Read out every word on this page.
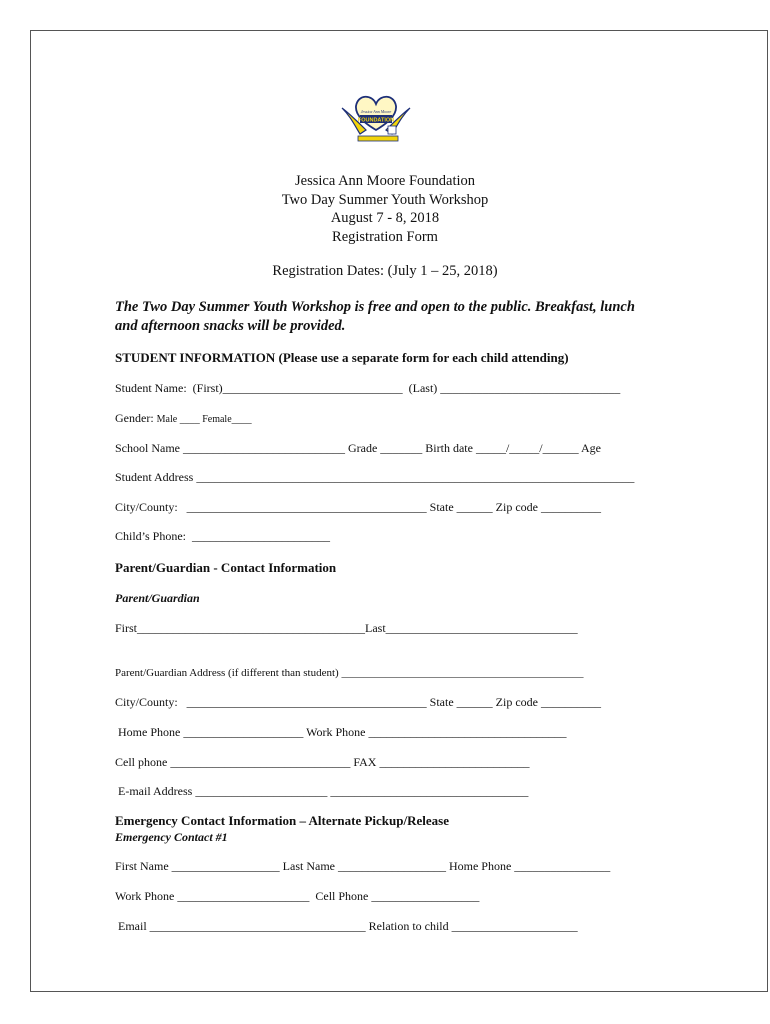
FOUNDATION
Jessica Ann Moore
Jessica Ann Moore Foundation
Two Day Summer Youth Workshop
August 7 - 8, 2018
Registration Form
Registration Dates: (July 1 – 25, 2018)
The Two Day Summer Youth Workshop is free and open to the public. Breakfast, lunch
and afternoon snacks will be provided.
STUDENT INFORMATION (Please use a separate form for each child attending)
Student Name:  (First)______________________________  (Last) ______________________________
Gender: Male ____ Female____
School Name ___________________________ Grade _______ Birth date _____/_____/______ Age
Student Address _________________________________________________________________________
City/County:   ________________________________________ State ______ Zip code __________
Child’s Phone:  _______________________
Parent/Guardian - Contact Information
Parent/Guardian
First______________________________________Last________________________________
Parent/Guardian Address (if different than student) ____________________________________________
City/County:   ________________________________________ State ______ Zip code __________
Home Phone ____________________ Work Phone _________________________________
Cell phone ______________________________ FAX _________________________
E-mail Address ______________________ _________________________________
Emergency Contact Information – Alternate Pickup/Release
Emergency Contact #1
First Name __________________ Last Name __________________ Home Phone ________________
Work Phone ______________________  Cell Phone __________________
Email ____________________________________ Relation to child _____________________
